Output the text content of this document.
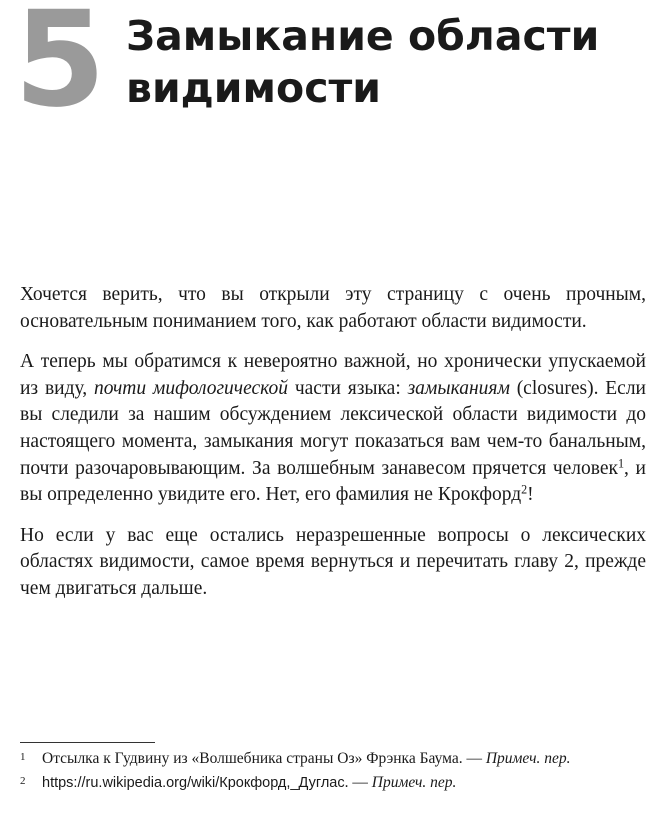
5 Замыкание области
видимости

Хочется верить, что вы открыли эту страницу с очень прочным, основательным пониманием того, как работают области видимости.

А теперь мы обратимся к невероятно важной, но хронически упускаемой из виду, почти мифологической части языка: замыканиям (closures). Если вы следили за нашим обсуждением лексической области видимости до настоящего момента, замыкания могут показаться вам чем-то банальным, почти разочаровывающим. За волшебным занавесом прячется человек$^1$, и вы определенно увидите его. Нет, его фамилия не Крокфорд$^2$!

Но если у вас еще остались неразрешенные вопросы о лексических областях видимости, самое время вернуться и перечитать главу 2, прежде чем двигаться дальше.

1 Отсылка к Гудвину из «Волшебника страны Оз» Фрэнка Баума. — Примеч. пер.
2 https://ru.wikipedia.org/wiki/Крокфорд,_Дуглас. — Примеч. пер.
